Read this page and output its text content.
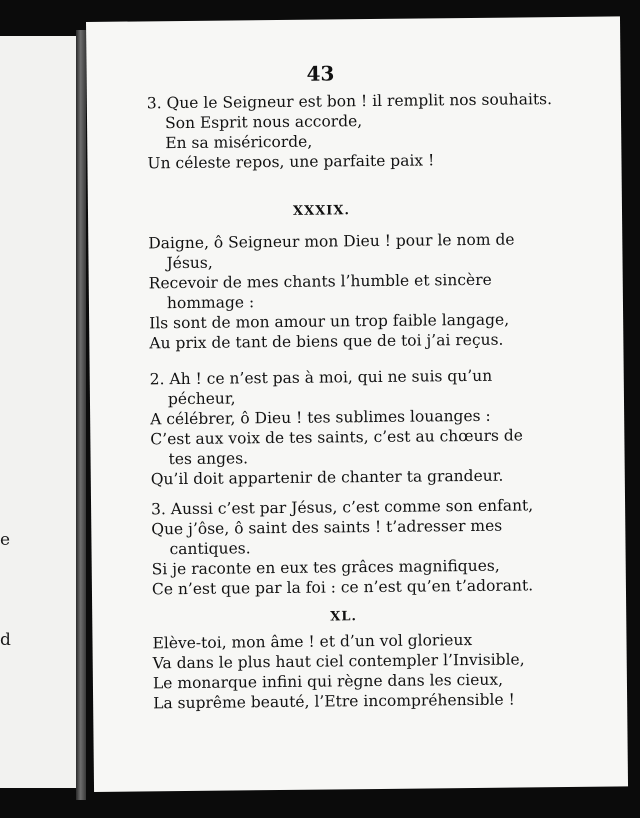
e
d
43
3. Que le Seigneur est bon ! il remplit nos souhaits.
Son Esprit nous accorde,
En sa miséricorde,
Un céleste repos, une parfaite paix !
XXXIX.
Daigne, ô Seigneur mon Dieu ! pour le nom de
Jésus,
Recevoir de mes chants l’humble et sincère
hommage :
Ils sont de mon amour un trop faible langage,
Au prix de tant de biens que de toi j’ai reçus.
2. Ah ! ce n’est pas à moi, qui ne suis qu’un
pécheur,
A célébrer, ô Dieu ! tes sublimes louanges :
C’est aux voix de tes saints, c’est au chœurs de
tes anges.
Qu’il doit appartenir de chanter ta grandeur.
3. Aussi c’est par Jésus, c’est comme son enfant,
Que j’ôse, ô saint des saints ! t’adresser mes
cantiques.
Si je raconte en eux tes grâces magnifiques,
Ce n’est que par la foi : ce n’est qu’en t’adorant.
XL.
Elève-toi, mon âme ! et d’un vol glorieux
Va dans le plus haut ciel contempler l’Invisible,
Le monarque infini qui règne dans les cieux,
La suprême beauté, l’Etre incompréhensible !
